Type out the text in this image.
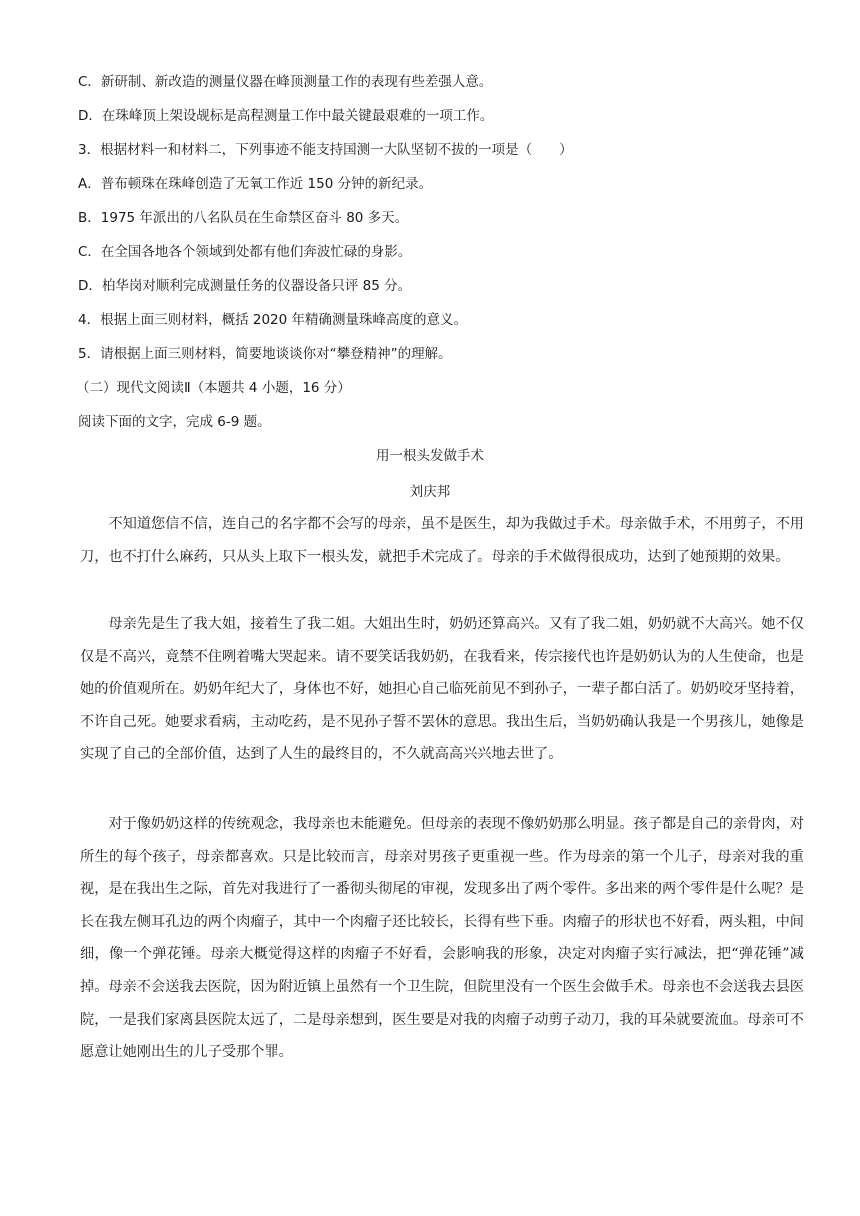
C．新研制、新改造的测量仪器在峰顶测量工作的表现有些差强人意。

D．在珠峰顶上架设觇标是高程测量工作中最关键最艰难的一项工作。

3．根据材料一和材料二，下列事迹不能支持国测一大队坚韧不拔的一项是（　　）

A．普布顿珠在珠峰创造了无氧工作近 150 分钟的新纪录。

B．1975 年派出的八名队员在生命禁区奋斗 80 多天。

C．在全国各地各个领域到处都有他们奔波忙碌的身影。

D．柏华岗对顺利完成测量任务的仪器设备只评 85 分。

4．根据上面三则材料，概括 2020 年精确测量珠峰高度的意义。

5．请根据上面三则材料，简要地谈谈你对“攀登精神”的理解。

（二）现代文阅读Ⅱ（本题共 4 小题，16 分）

阅读下面的文字，完成 6-9 题。

用一根头发做手术

刘庆邦

不知道您信不信，连自己的名字都不会写的母亲，虽不是医生，却为我做过手术。母亲做手术，不用剪子，不用刀，也不打什么麻药，只从头上取下一根头发，就把手术完成了。母亲的手术做得很成功，达到了她预期的效果。

母亲先是生了我大姐，接着生了我二姐。大姐出生时，奶奶还算高兴。又有了我二姐，奶奶就不大高兴。她不仅仅是不高兴，竟禁不住咧着嘴大哭起来。请不要笑话我奶奶，在我看来，传宗接代也许是奶奶认为的人生使命，也是她的价值观所在。奶奶年纪大了，身体也不好，她担心自己临死前见不到孙子，一辈子都白活了。奶奶咬牙坚持着，不许自己死。她要求看病，主动吃药，是不见孙子誓不罢休的意思。我出生后，当奶奶确认我是一个男孩儿，她像是实现了自己的全部价值，达到了人生的最终目的，不久就高高兴兴地去世了。

对于像奶奶这样的传统观念，我母亲也未能避免。但母亲的表现不像奶奶那么明显。孩子都是自己的亲骨肉，对所生的每个孩子，母亲都喜欢。只是比较而言，母亲对男孩子更重视一些。作为母亲的第一个儿子，母亲对我的重视，是在我出生之际，首先对我进行了一番彻头彻尾的审视，发现多出了两个零件。多出来的两个零件是什么呢？是长在我左侧耳孔边的两个肉瘤子，其中一个肉瘤子还比较长，长得有些下垂。肉瘤子的形状也不好看，两头粗，中间细，像一个弹花锤。母亲大概觉得这样的肉瘤子不好看，会影响我的形象，决定对肉瘤子实行减法，把“弹花锤”减掉。母亲不会送我去医院，因为附近镇上虽然有一个卫生院，但院里没有一个医生会做手术。母亲也不会送我去县医院，一是我们家离县医院太远了，二是母亲想到，医生要是对我的肉瘤子动剪子动刀，我的耳朵就要流血。母亲可不愿意让她刚出生的儿子受那个罪。
